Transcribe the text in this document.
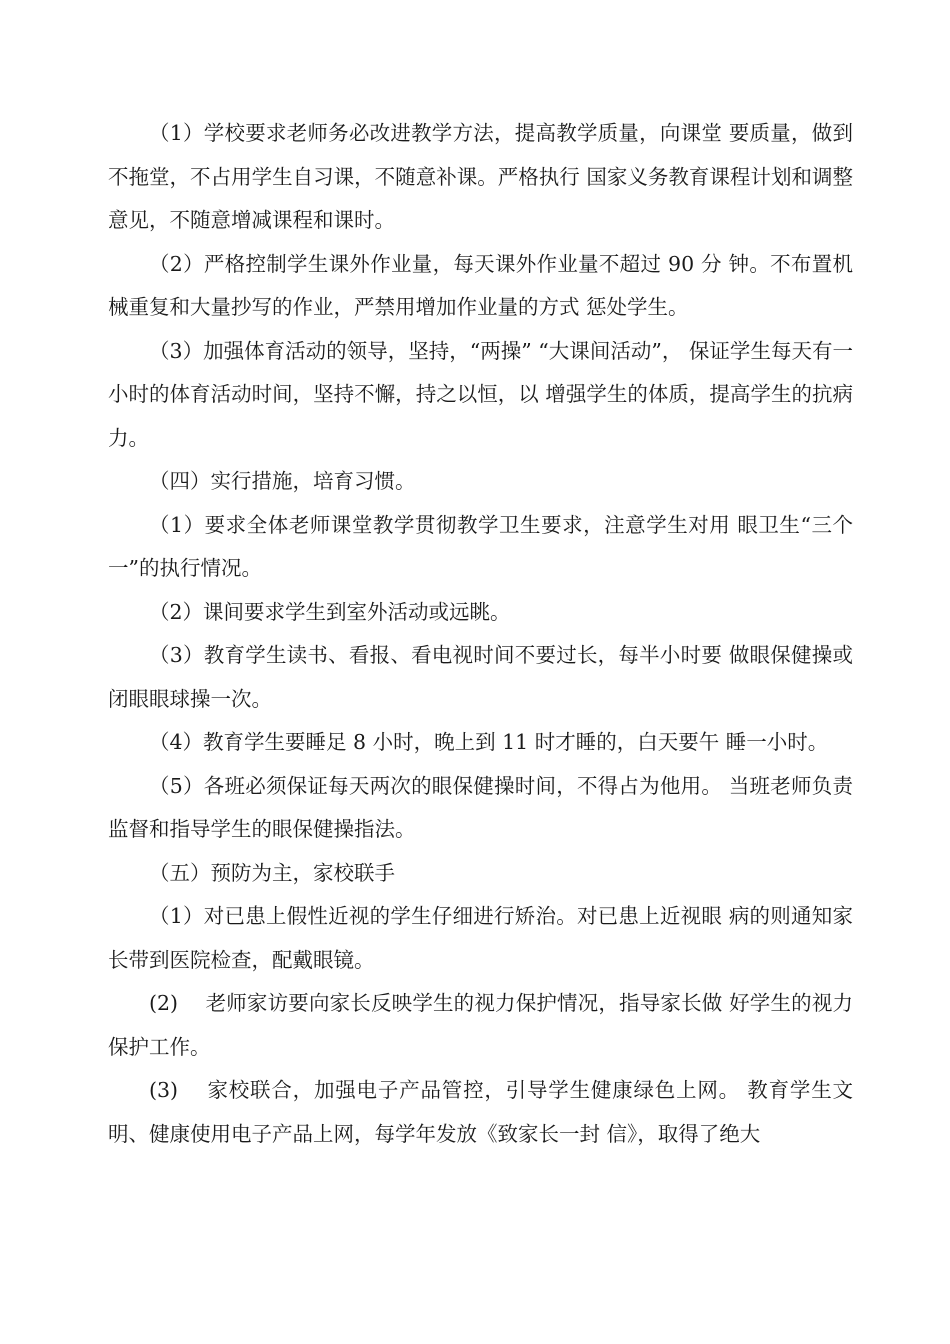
（1）学校要求老师务必改进教学方法，提高教学质量，向课堂 要质量，做到不拖堂，不占用学生自习课，不随意补课。严格执行 国家义务教育课程计划和调整意见，不随意增减课程和课时。

（2）严格控制学生课外作业量，每天课外作业量不超过 90 分 钟。不布置机械重复和大量抄写的作业，严禁用增加作业量的方式 惩处学生。

（3）加强体育活动的领导，坚持，“两操” “大课间活动”， 保证学生每天有一小时的体育活动时间，坚持不懈，持之以恒，以 增强学生的体质，提高学生的抗病力。

（四）实行措施，培育习惯。

（1）要求全体老师课堂教学贯彻教学卫生要求，注意学生对用 眼卫生“三个一”的执行情况。

（2）课间要求学生到室外活动或远眺。

（3）教育学生读书、看报、看电视时间不要过长，每半小时要 做眼保健操或闭眼眼球操一次。

（4）教育学生要睡足 8 小时，晚上到 11 时才睡的，白天要午 睡一小时。

（5）各班必须保证每天两次的眼保健操时间，不得占为他用。 当班老师负责监督和指导学生的眼保健操指法。

（五）预防为主，家校联手

（1）对已患上假性近视的学生仔细进行矫治。对已患上近视眼 病的则通知家长带到医院检查，配戴眼镜。

(2)　 老师家访要向家长反映学生的视力保护情况，指导家长做 好学生的视力保护工作。

(3)　 家校联合，加强电子产品管控，引导学生健康绿色上网。 教育学生文明、健康使用电子产品上网，每学年发放《致家长一封 信》，取得了绝大
